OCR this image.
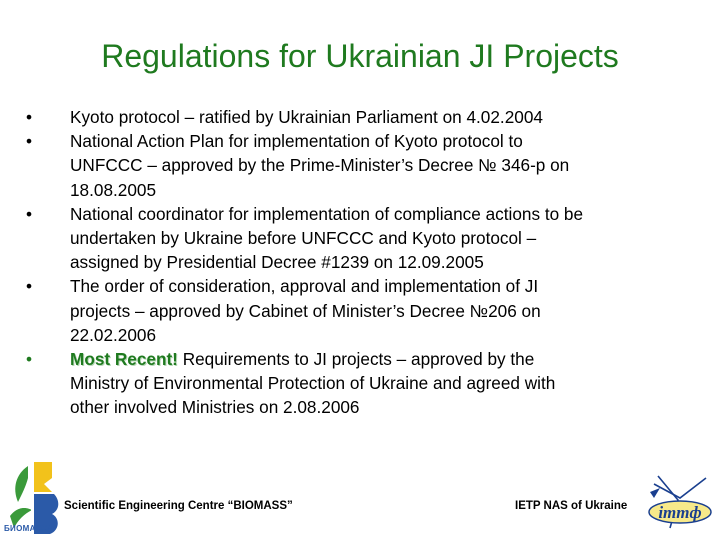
Regulations for Ukrainian JI Projects
•	Kyoto protocol – ratified by Ukrainian Parliament on 4.02.2004
•	National Action Plan for implementation of Kyoto protocol to
UNFCCC – approved by the Prime-Minister’s Decree № 346-р on
18.08.2005
•	National coordinator for implementation of compliance actions to be
undertaken by Ukraine before UNFCCC and Kyoto protocol –
assigned by Presidential Decree #1239 on 12.09.2005
•	The order of consideration, approval and implementation of JI
projects – approved by Cabinet of Minister’s Decree №206 on
22.02.2006
•	Most Recent! Requirements to JI projects – approved by the
Ministry of Environmental Protection of Ukraine and agreed with
other involved Ministries on 2.08.2006
БИОМАССА
Scientific Engineering Centre “BIOMASS”	IETP NAS of Ukraine	immф
